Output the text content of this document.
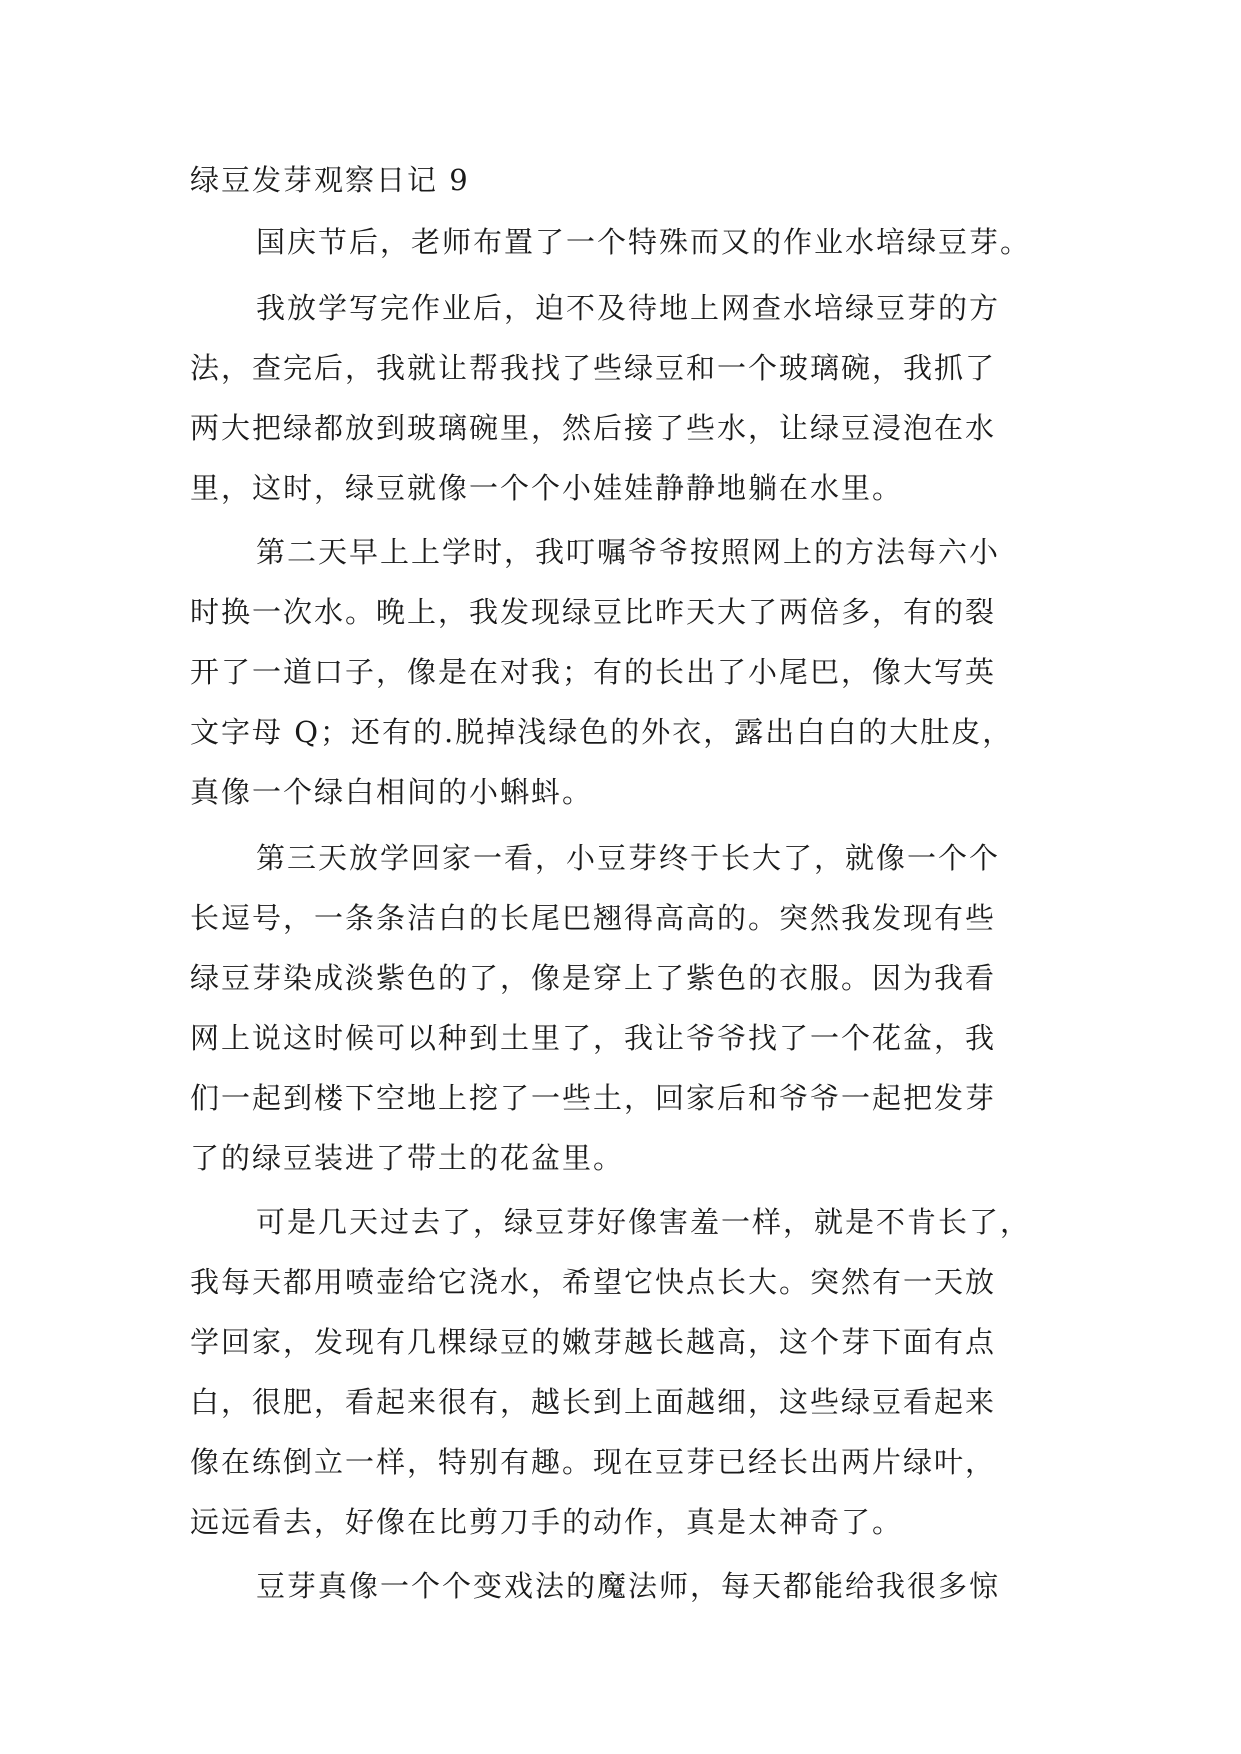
绿豆发芽观察日记 9
国庆节后，老师布置了一个特殊而又的作业水培绿豆芽。
我放学写完作业后，迫不及待地上网查水培绿豆芽的方
法，查完后，我就让帮我找了些绿豆和一个玻璃碗，我抓了
两大把绿都放到玻璃碗里，然后接了些水，让绿豆浸泡在水
里，这时，绿豆就像一个个小娃娃静静地躺在水里。
第二天早上上学时，我叮嘱爷爷按照网上的方法每六小
时换一次水。晚上，我发现绿豆比昨天大了两倍多，有的裂
开了一道口子，像是在对我；有的长出了小尾巴，像大写英
文字母 Q；还有的.脱掉浅绿色的外衣，露出白白的大肚皮，
真像一个绿白相间的小蝌蚪。
第三天放学回家一看，小豆芽终于长大了，就像一个个
长逗号，一条条洁白的长尾巴翘得高高的。突然我发现有些
绿豆芽染成淡紫色的了，像是穿上了紫色的衣服。因为我看
网上说这时候可以种到土里了，我让爷爷找了一个花盆，我
们一起到楼下空地上挖了一些土，回家后和爷爷一起把发芽
了的绿豆装进了带土的花盆里。
可是几天过去了，绿豆芽好像害羞一样，就是不肯长了，
我每天都用喷壶给它浇水，希望它快点长大。突然有一天放
学回家，发现有几棵绿豆的嫩芽越长越高，这个芽下面有点
白，很肥，看起来很有，越长到上面越细，这些绿豆看起来
像在练倒立一样，特别有趣。现在豆芽已经长出两片绿叶，
远远看去，好像在比剪刀手的动作，真是太神奇了。
豆芽真像一个个变戏法的魔法师，每天都能给我很多惊
